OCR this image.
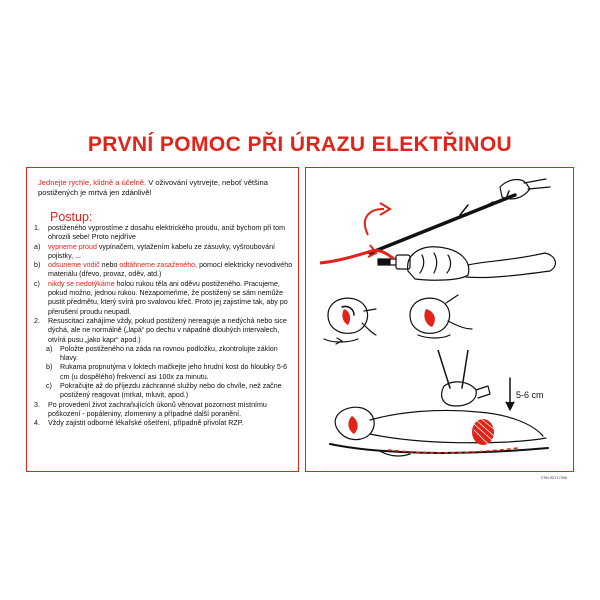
PRVNÍ POMOC PŘI ÚRAZU ELEKTŘINOU
Jednejte rychle, klidně a účelně. V oživování vytrvejte, neboť většina postižených je mrtvá jen zdánlivě!
Postup:
1.	postiženého vyprostíme z dosahu elektrického proudu, aniž bychom při tom ohrozili sebe! Proto nejdříve
a)	vypneme proud vypínačem, vytažením kabelu ze zásuvky, vyšroubování pojistky, ...
b)	odsuneme vodič nebo odtáhneme zasaženého, pomocí elektricky nevodivého materiálu (dřevo, provaz, oděv, atd.)
c)	nikdy se nedotýkáme holou rukou těla ani oděvu postiženého. Pracujeme, pokud možno, jednou rukou. Nezapomeňme, že postižený se sám nemůže pustit předmětu, který svírá pro svalovou křeč. Proto jej zajistíme tak, aby po přerušení proudu neupadl.
2.	Resuscitaci zahájíme vždy, pokud postižený nereaguje a nedýchá nebo sice dýchá, ale ne normálně („lapá“ po dechu v nápadně dlouhých intervalech, otvírá pusu „jako kapr“ apod.)
a)	Položte postiženého na záda na rovnou podložku, zkontrolujte záklon hlavy.
b)	Rukama propnutýma v loktech mačkejte jeho hrudní kost do hloubky 5-6 cm (u dospělého) frekvencí asi 100x za minutu.
c)	Pokračujte až do příjezdu záchranné služby nebo do chvíle, než začne postižený reagovat (mrkat, mluvit, apod.)
3.	Po provedení život zachraňujících úkonů věnovat pozornost místnímu poškození - popáleniny, zlomeniny a případné další poranění.
4.	Vždy zajistit odborné lékařské ošetření, případně přivolat RZP.
5-6 cm
ČSN ISO 17398
